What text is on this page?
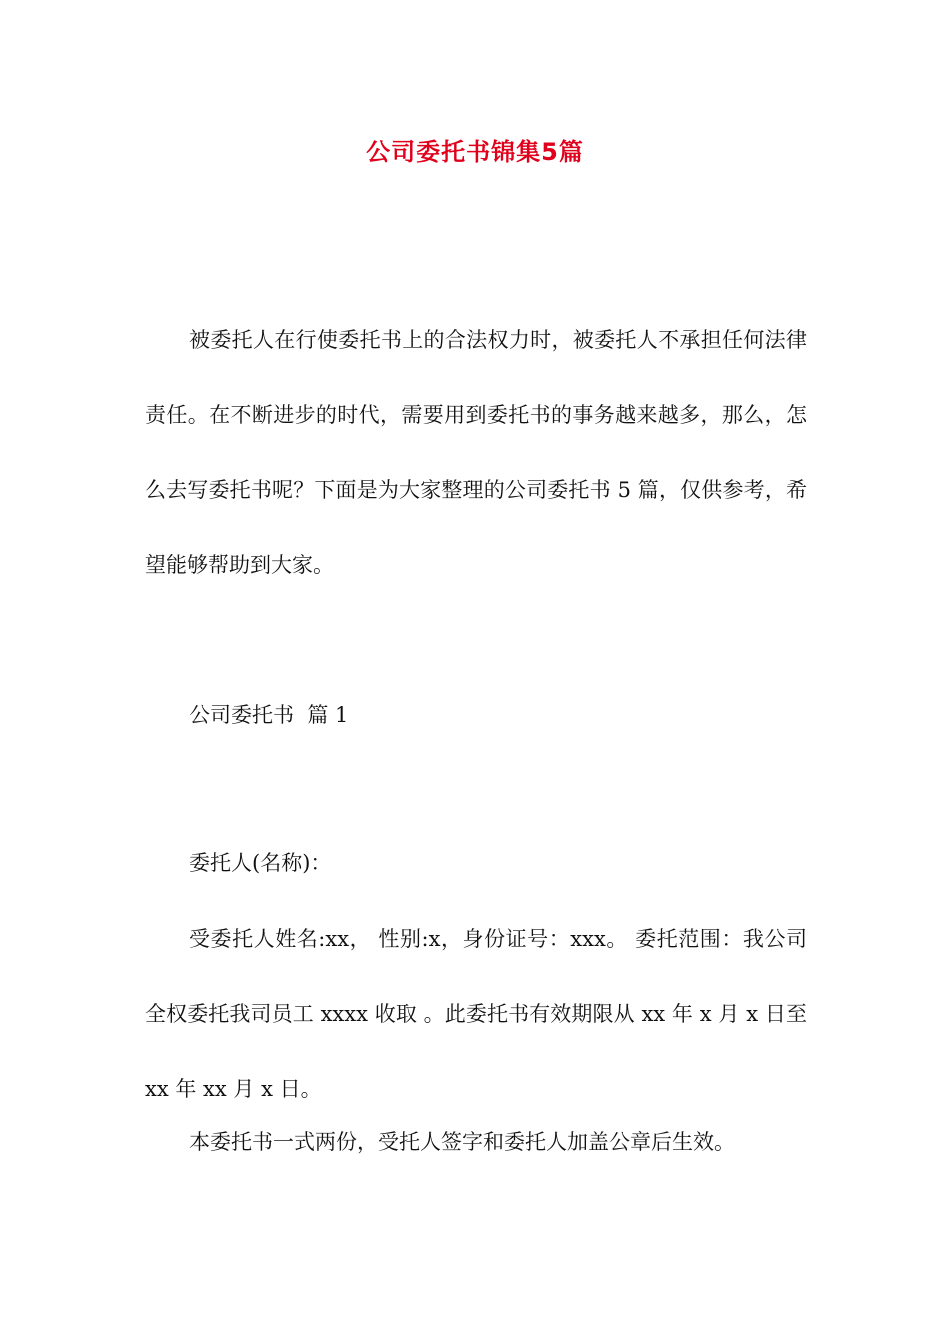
公司委托书锦集5篇

被委托人在行使委托书上的合法权力时，被委托人不承担任何法律责任。在不断进步的时代，需要用到委托书的事务越来越多，那么，怎么去写委托书呢？下面是为大家整理的公司委托书 5 篇，仅供参考，希望能够帮助到大家。

公司委托书  篇 1
委托人(名称)：

受委托人姓名:xx， 性别:x，身份证号：xxx。 委托范围：我公司全权委托我司员工 xxxx 收取 。此委托书有效期限从 xx 年 x 月 x 日至 xx 年 xx 月 x 日。

本委托书一式两份，受托人签字和委托人加盖公章后生效。
